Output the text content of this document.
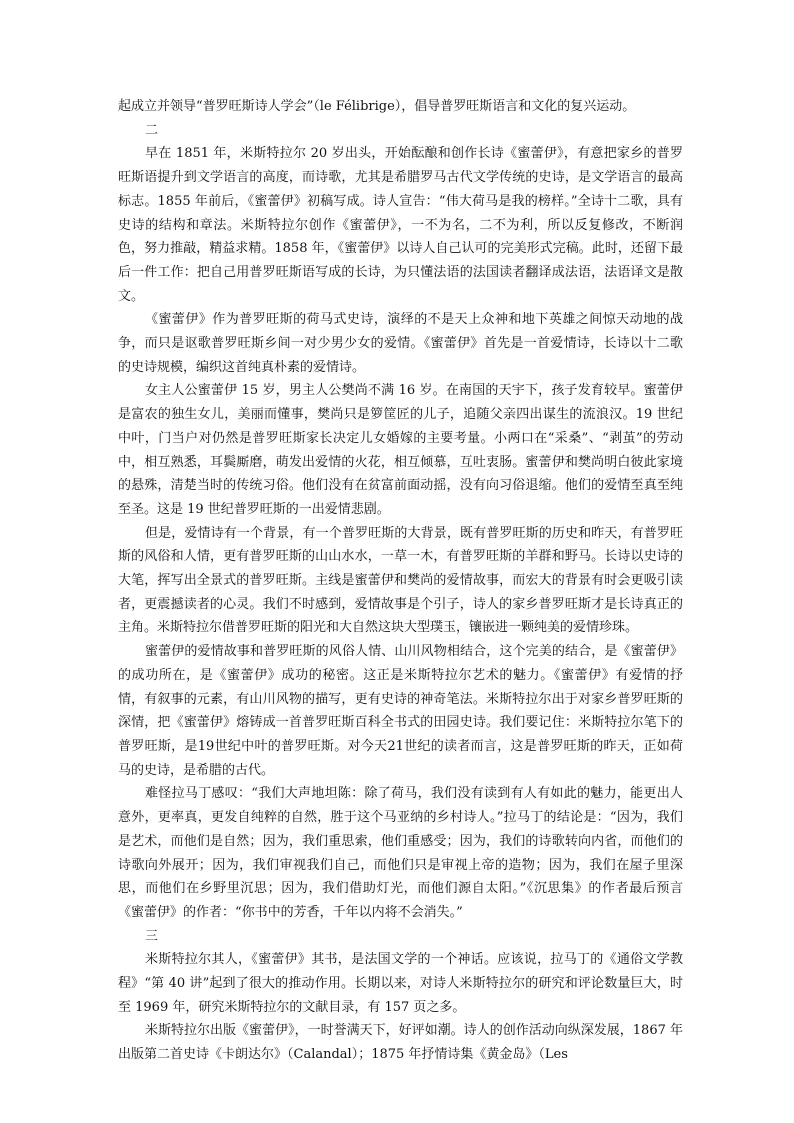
起成立并领导“普罗旺斯诗人学会”（le Félibrige），倡导普罗旺斯语言和文化的复兴运动。

二

早在 1851 年，米斯特拉尔 20 岁出头，开始酝酿和创作长诗《蜜蕾伊》，有意把家乡的普罗旺斯语提升到文学语言的高度，而诗歌，尤其是希腊罗马古代文学传统的史诗，是文学语言的最高标志。1855 年前后，《蜜蕾伊》初稿写成。诗人宣告：“伟大荷马是我的榜样。”全诗十二歌，具有史诗的结构和章法。米斯特拉尔创作《蜜蕾伊》，一不为名，二不为利，所以反复修改，不断润色，努力推敲，精益求精。1858 年，《蜜蕾伊》以诗人自己认可的完美形式完稿。此时，还留下最后一件工作：把自己用普罗旺斯语写成的长诗，为只懂法语的法国读者翻译成法语，法语译文是散文。

《蜜蕾伊》作为普罗旺斯的荷马式史诗，演绎的不是天上众神和地下英雄之间惊天动地的战争，而只是讴歌普罗旺斯乡间一对少男少女的爱情。《蜜蕾伊》首先是一首爱情诗，长诗以十二歌的史诗规模，编织这首纯真朴素的爱情诗。

女主人公蜜蕾伊 15 岁，男主人公樊尚不满 16 岁。在南国的天宇下，孩子发育较早。蜜蕾伊是富农的独生女儿，美丽而懂事，樊尚只是箩筐匠的儿子，追随父亲四出谋生的流浪汉。19 世纪中叶，门当户对仍然是普罗旺斯家长决定儿女婚嫁的主要考量。小两口在“采桑”、“剥茧”的劳动中，相互熟悉，耳鬓厮磨，萌发出爱情的火花，相互倾慕，互吐衷肠。蜜蕾伊和樊尚明白彼此家境的悬殊，清楚当时的传统习俗。他们没有在贫富前面动摇，没有向习俗退缩。他们的爱情至真至纯至圣。这是 19 世纪普罗旺斯的一出爱情悲剧。

但是，爱情诗有一个背景，有一个普罗旺斯的大背景，既有普罗旺斯的历史和昨天，有普罗旺斯的风俗和人情，更有普罗旺斯的山山水水，一草一木，有普罗旺斯的羊群和野马。长诗以史诗的大笔，挥写出全景式的普罗旺斯。主线是蜜蕾伊和樊尚的爱情故事，而宏大的背景有时会更吸引读者，更震撼读者的心灵。我们不时感到，爱情故事是个引子，诗人的家乡普罗旺斯才是长诗真正的主角。米斯特拉尔借普罗旺斯的阳光和大自然这块大型璞玉，镶嵌进一颗纯美的爱情珍珠。

蜜蕾伊的爱情故事和普罗旺斯的风俗人情、山川风物相结合，这个完美的结合，是《蜜蕾伊》的成功所在，是《蜜蕾伊》成功的秘密。这正是米斯特拉尔艺术的魅力。《蜜蕾伊》有爱情的抒情，有叙事的元素，有山川风物的描写，更有史诗的神奇笔法。米斯特拉尔出于对家乡普罗旺斯的深情，把《蜜蕾伊》熔铸成一首普罗旺斯百科全书式的田园史诗。我们要记住：米斯特拉尔笔下的普罗旺斯，是19世纪中叶的普罗旺斯。对今天21世纪的读者而言，这是普罗旺斯的昨天，正如荷马的史诗，是希腊的古代。

难怪拉马丁感叹：“我们大声地坦陈：除了荷马，我们没有读到有人有如此的魅力，能更出人意外，更率真，更发自纯粹的自然，胜于这个马亚纳的乡村诗人。”拉马丁的结论是：“因为，我们是艺术，而他们是自然；因为，我们重思索，他们重感受；因为，我们的诗歌转向内省，而他们的诗歌向外展开；因为，我们审视我们自己，而他们只是审视上帝的造物；因为，我们在屋子里深思，而他们在乡野里沉思；因为，我们借助灯光，而他们源自太阳。”《沉思集》的作者最后预言《蜜蕾伊》的作者：“你书中的芳香，千年以内将不会消失。”

三

米斯特拉尔其人，《蜜蕾伊》其书，是法国文学的一个神话。应该说，拉马丁的《通俗文学教程》“第 40 讲”起到了很大的推动作用。长期以来，对诗人米斯特拉尔的研究和评论数量巨大，时至 1969 年，研究米斯特拉尔的文献目录，有 157 页之多。

米斯特拉尔出版《蜜蕾伊》，一时誉满天下，好评如潮。诗人的创作活动向纵深发展，1867 年出版第二首史诗《卡朗达尔》（Calandal）；1875 年抒情诗集《黄金岛》（Les
